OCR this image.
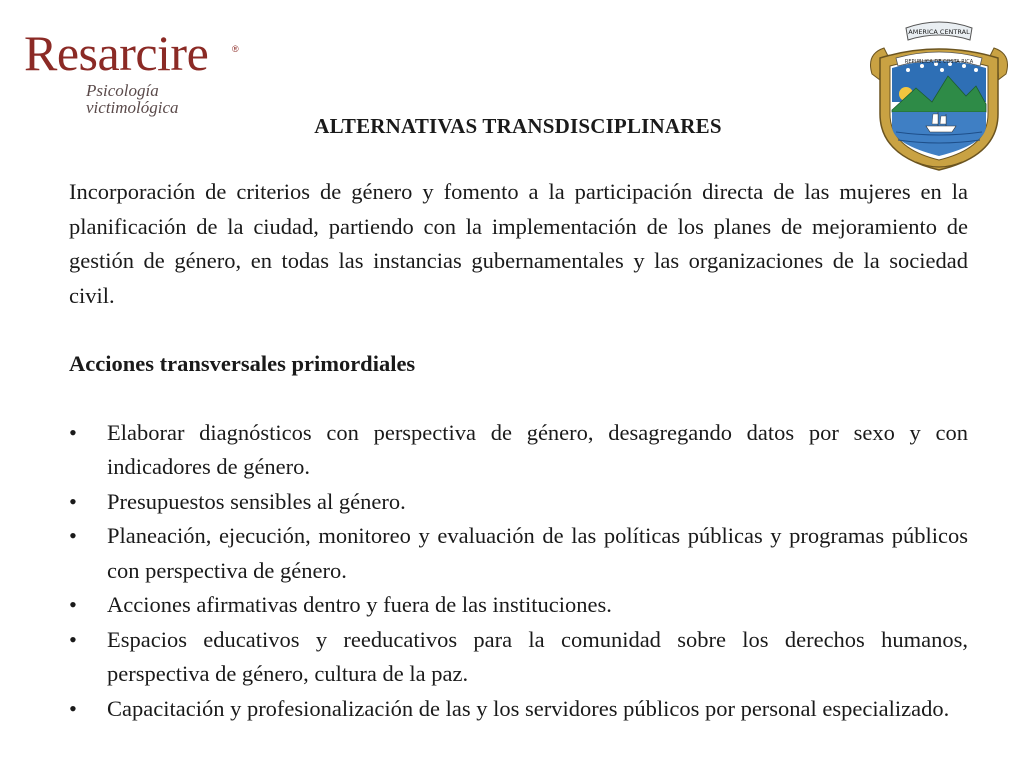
Resarcire	®
Psicología victimológica
AMERICA CENTRAL
REPUBLICA DE COSTA RICA
ALTERNATIVAS TRANSDISCIPLINARES

Incorporación de criterios de género y fomento a la participación directa de las mujeres en la planificación de la ciudad, partiendo con la implementación de los planes de mejoramiento de gestión de género, en todas las instancias gubernamentales y las organizaciones de la sociedad civil.

Acciones transversales primordiales

•	Elaborar diagnósticos con perspectiva de género, desagregando datos por sexo y con indicadores de género.
•	Presupuestos sensibles al género.
•	Planeación, ejecución, monitoreo y evaluación de las políticas públicas y programas públicos con perspectiva de género.
•	Acciones afirmativas dentro y fuera de las instituciones.
•	Espacios educativos y reeducativos para la comunidad sobre los derechos humanos, perspectiva de género, cultura de la paz.
•	Capacitación y profesionalización de las y los servidores públicos por personal especializado.
